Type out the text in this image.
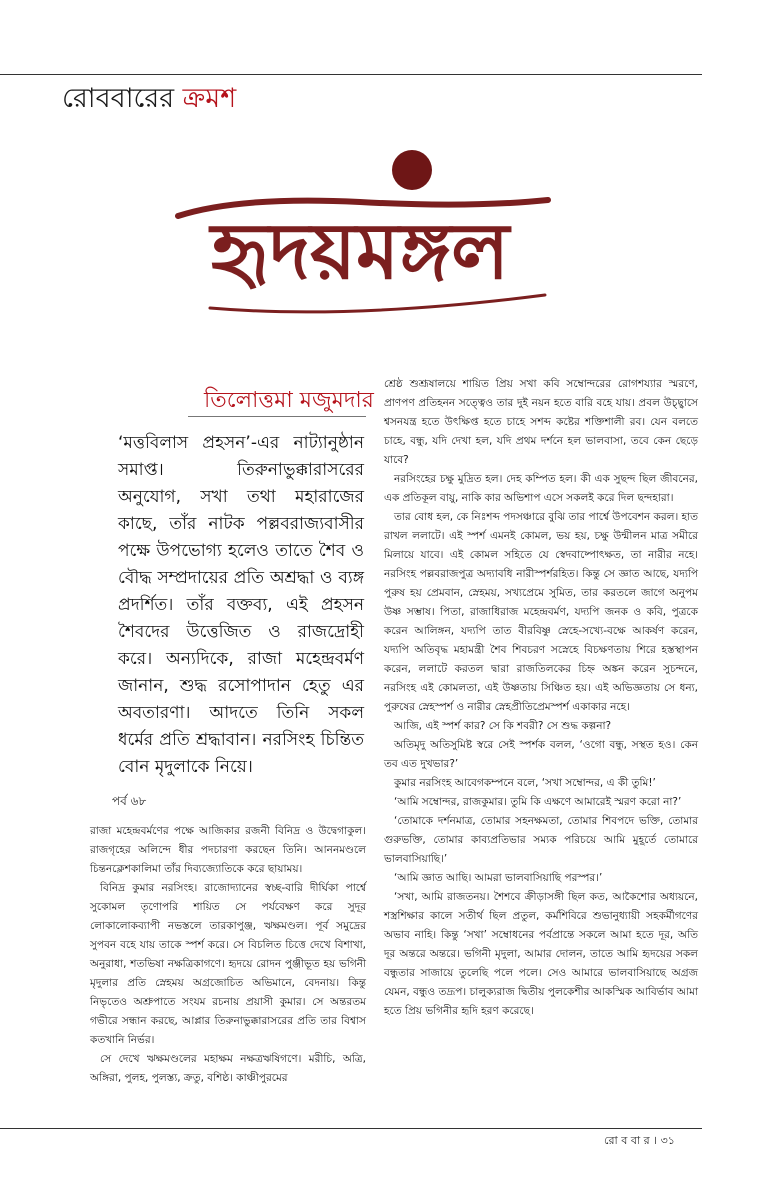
রোববারের ক্রমশ
হৃদয়মঙ্গল
তিলোত্তমা মজুমদার
‘মত্তবিলাস প্রহসন’-এর নাট্যানুষ্ঠান সমাপ্ত। তিরুনাভুক্কারাসরের অনুযোগ, সখা তথা মহারাজের কাছে, তাঁর নাটক পল্লবরাজ্যবাসীর পক্ষে উপভোগ্য হলেও তাতে শৈব ও বৌদ্ধ সম্প্রদায়ের প্রতি অশ্রদ্ধা ও ব্যঙ্গ প্রদর্শিত। তাঁর বক্তব্য, এই প্রহসন শৈবদের উত্তেজিত ও রাজদ্রোহী করে। অন্যদিকে, রাজা মহেন্দ্রবর্মণ জানান, শুদ্ধ রসোপাদান হেতু এর অবতারণা। আদতে তিনি সকল ধর্মের প্রতি শ্রদ্ধাবান। নরসিংহ চিন্তিত বোন মৃদুলাকে নিয়ে।
পর্ব ৬৮

রাজা মহেন্দ্রবর্মণের পক্ষে আজিকার রজনী বিনিদ্র ও উদ্বেগাকুল। রাজগৃহের অলিন্দে ধীর পদচারণা করছেন তিনি। আননমণ্ডলে চিন্তনক্লেশকালিমা তাঁর দিব্যজ্যোতিকে করে ছায়াময়।

বিনিদ্র কুমার নরসিংহ। রাজোদ্যানের স্বচ্ছ-বারি দীর্ঘিকা পার্শ্বে সুকোমল তৃণোপরি শায়িত সে পর্যবেক্ষণ করে সুদূর লোকালোকব্যাপী নভস্তলে তারকাপুঞ্জ, ঋক্ষমণ্ডল। পূর্ব সমুদ্রের সুপবন বহে যায় তাকে স্পর্শ করে। সে বিচলিত চিত্তে দেখে বিশাখা, অনুরাধা, শতভিষা নক্ষত্রিকাগণে। হৃদয়ে রোদন পুঞ্জীভূত হয় ভগিনী মৃদুলার প্রতি স্নেহময় অগ্রজোচিত অভিমানে, বেদনায়। কিন্তু নিভৃতেও অশ্রুপাতে সংযম রচনায় প্রয়াসী কুমার। সে অন্তরতম গভীরে সন্ধান করছে, আপ্লার তিরুনাভুক্কারাসরের প্রতি তার বিশ্বাস কতখানি নির্ভর।

সে দেখে ঋক্ষমণ্ডলের মহাক্ষম নক্ষত্রঋষিগণে। মরীচি, অত্রি, অঙ্গিরা, পুলহ, পুলস্ত্য, ক্রতু, বশিষ্ঠ। কাঞ্চীপুরমের

শ্রেষ্ঠ শুশ্রূষালয়ে শায়িত প্রিয় সখা কবি সম্বোন্দরের রোগশয্যার স্মরণে, প্রাণপণ প্রতিহনন সত্ত্বেও তার দুই নয়ন হতে বারি বহে যায়। প্রবল উচ্ছ্বাসে শ্বসনযন্ত্র হতে উৎক্ষিপ্ত হতে চাহে সশব্দ কষ্টের শক্তিশালী রব। যেন বলতে চাহে, বন্ধু, যদি দেখা হল, যদি প্রথম দর্শনে হল ভালবাসা, তবে কেন ছেড়ে যাবে?

নরসিংহের চক্ষু মুদ্রিত হল। দেহ কম্পিত হল। কী এক সুছন্দ ছিল জীবনের, এক প্রতিকূল বায়ু, নাকি কার অভিশাপ এসে সকলই করে দিল ছন্দহারা।

তার বোধ হল, কে নিঃশব্দ পদসঞ্চারে বুঝি তার পার্শ্বে উপবেশন করল। হাত রাখল ললাটে। এই স্পর্শ এমনই কোমল, ভয় হয়, চক্ষু উন্মীলন মাত্র সমীরে মিলায়ে যাবে। এই কোমল সহিতে যে স্বেদবাষ্পোৎক্ষত, তা নারীর নহে। নরসিংহ পল্লবরাজপুত্র অদ্যাবধি নারীস্পর্শরহিত। কিন্তু সে জ্ঞাত আছে, যদ্যপি পুরুষ হয় প্রেমবান, স্নেহময়, সখ্যপ্রেমে সুমিত, তার করতলে জাগে অনুপম উষ্ণ সম্ভাষ। পিতা, রাজাধিরাজ মহেন্দ্রবর্মণ, যদ্যপি জনক ও কবি, পুত্রকে করেন আলিঙ্গন, যদ্যপি তাত বীরবিষ্ণু স্নেহে-সখ্যে-বক্ষে আকর্ষণ করেন, যদ্যপি অতিবৃদ্ধ মহামন্ত্রী শৈব শিবচরণ সস্নেহে বিচক্ষণতায় শিরে হস্তস্থাপন করেন, ললাটে করতল দ্বারা রাজতিলকের চিহ্ন অঙ্কন করেন সুচন্দনে, নরসিংহ এই কোমলতা, এই উষ্ণতায় সিঞ্চিত হয়। এই অভিজ্ঞতায় সে ধন্য, পুরুষের স্নেহস্পর্শ ও নারীর স্নেহপ্রীতিপ্রেমস্পর্শ একাকার নহে।

আজি, এই স্পর্শ কার? সে কি শবরী? সে শুদ্ধ কল্পনা?

অতিমৃদু অতিসুমিষ্ট স্বরে সেই স্পর্শক বলল, ‘ওগো বন্ধু, সস্থত হও। কেন তব এত দুখভার?’

কুমার নরসিংহ আবেগকম্পনে বলে, ‘সখা সম্বোন্দর, এ কী তুমি!’

‘আমি সম্বোন্দর, রাজকুমার। তুমি কি এক্ষণে আমারেই স্মরণ করো না?’

‘তোমাকে দর্শনমাত্র, তোমার সহনক্ষমতা, তোমার শিবপদে ভক্তি, তোমার গুরুভক্তি, তোমার কাব্যপ্রতিভার সম্যক পরিচয়ে আমি মুহূর্তে তোমারে ভালবাসিয়াছি।’

‘আমি জ্ঞাত আছি। আমরা ভালবাসিয়াছি পরস্পর।’

‘সখা, আমি রাজতনয়। শৈশবে ক্রীড়াসঙ্গী ছিল কত, আকৈশোর অধ্যয়নে, শস্ত্রশিক্ষার কালে সতীর্থ ছিল প্রতুল, কর্মশিবিরে শুভানুধ্যায়ী সহকর্মীগণের অভাব নাহি। কিন্তু ‘সখা’ সম্বোধনের পর্বপ্রান্তে সকলে আমা হতে দূর, অতি দূর অন্তরে অন্তরে। ভগিনী মৃদুলা, আমার দোলন, তাতে আমি হৃদয়ের সকল বন্ধুতার সাজায়ে তুলেছি পলে পলে। সেও আমারে ভালবাসিয়াছে অগ্রজ যেমন, বন্ধুও তদ্রূপ। চালুক্যরাজ দ্বিতীয় পুলকেশীর আকস্মিক আবির্ভাব আমা হতে প্রিয় ভগিনীর হৃদি হরণ করেছে।

রো ব বা র । ৩১
